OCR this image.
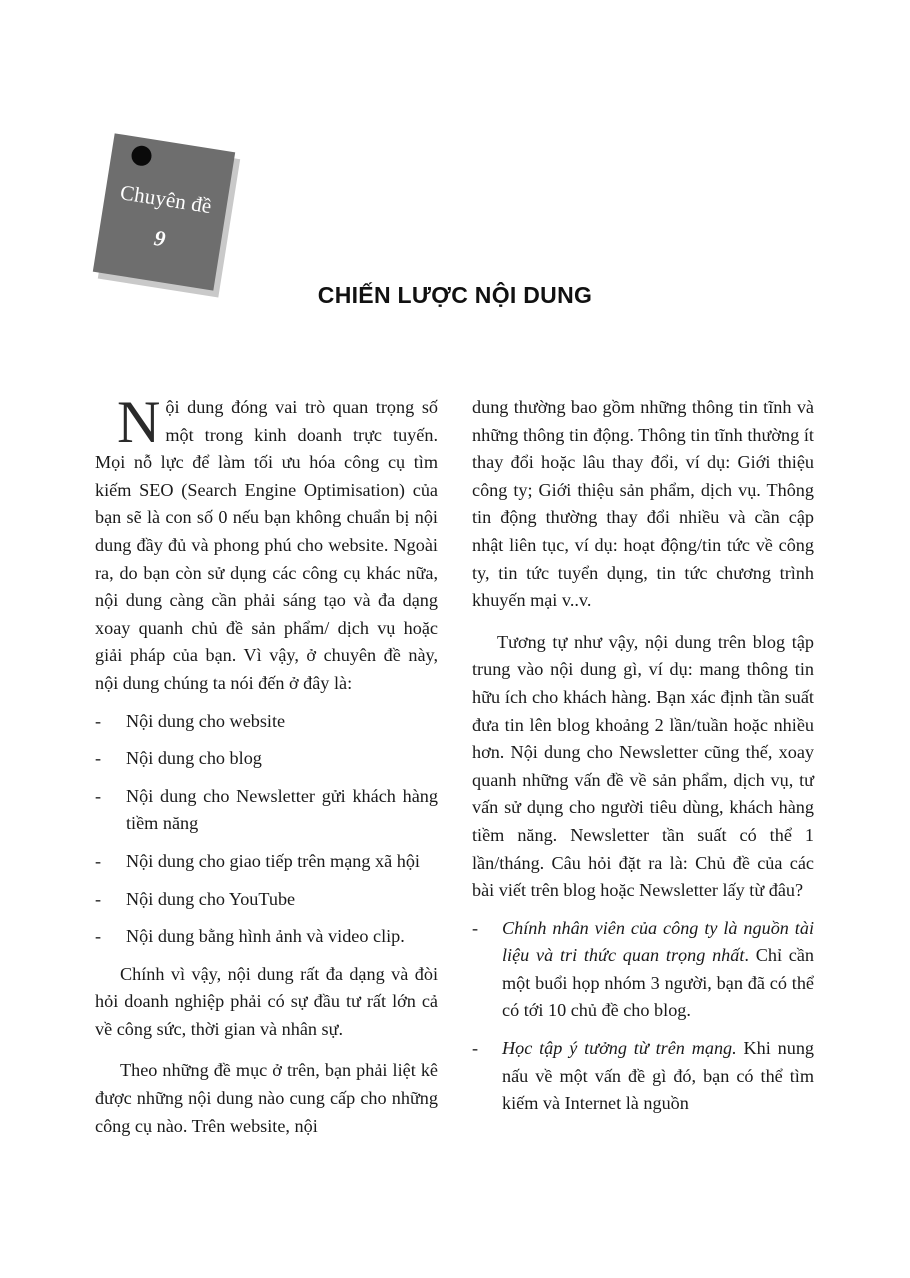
Chuyên đề
9
CHIẾN LƯỢC NỘI DUNG

Nội dung đóng vai trò quan trọng số một trong kinh doanh trực tuyến. Mọi nỗ lực để làm tối ưu hóa công cụ tìm kiếm SEO (Search Engine Optimisation) của bạn sẽ là con số 0 nếu bạn không chuẩn bị nội dung đầy đủ và phong phú cho website. Ngoài ra, do bạn còn sử dụng các công cụ khác nữa, nội dung càng cần phải sáng tạo và đa dạng xoay quanh chủ đề sản phẩm/ dịch vụ hoặc giải pháp của bạn. Vì vậy, ở chuyên đề này, nội dung chúng ta nói đến ở đây là:

- Nội dung cho website
- Nội dung cho blog
- Nội dung cho Newsletter gửi khách hàng tiềm năng
- Nội dung cho giao tiếp trên mạng xã hội
- Nội dung cho YouTube
- Nội dung bằng hình ảnh và video clip.

Chính vì vậy, nội dung rất đa dạng và đòi hỏi doanh nghiệp phải có sự đầu tư rất lớn cả về công sức, thời gian và nhân sự.

Theo những đề mục ở trên, bạn phải liệt kê được những nội dung nào cung cấp cho những công cụ nào. Trên website, nội

dung thường bao gồm những thông tin tĩnh và những thông tin động. Thông tin tĩnh thường ít thay đổi hoặc lâu thay đổi, ví dụ: Giới thiệu công ty; Giới thiệu sản phẩm, dịch vụ. Thông tin động thường thay đổi nhiều và cần cập nhật liên tục, ví dụ: hoạt động/tin tức về công ty, tin tức tuyển dụng, tin tức chương trình khuyến mại v..v.

Tương tự như vậy, nội dung trên blog tập trung vào nội dung gì, ví dụ: mang thông tin hữu ích cho khách hàng. Bạn xác định tần suất đưa tin lên blog khoảng 2 lần/tuần hoặc nhiều hơn. Nội dung cho Newsletter cũng thế, xoay quanh những vấn đề về sản phẩm, dịch vụ, tư vấn sử dụng cho người tiêu dùng, khách hàng tiềm năng. Newsletter tần suất có thể 1 lần/tháng. Câu hỏi đặt ra là: Chủ đề của các bài viết trên blog hoặc Newsletter lấy từ đâu?

- Chính nhân viên của công ty là nguồn tài liệu và tri thức quan trọng nhất. Chỉ cần một buổi họp nhóm 3 người, bạn đã có thể có tới 10 chủ đề cho blog.
- Học tập ý tưởng từ trên mạng. Khi nung nấu về một vấn đề gì đó, bạn có thể tìm kiếm và Internet là nguồn
